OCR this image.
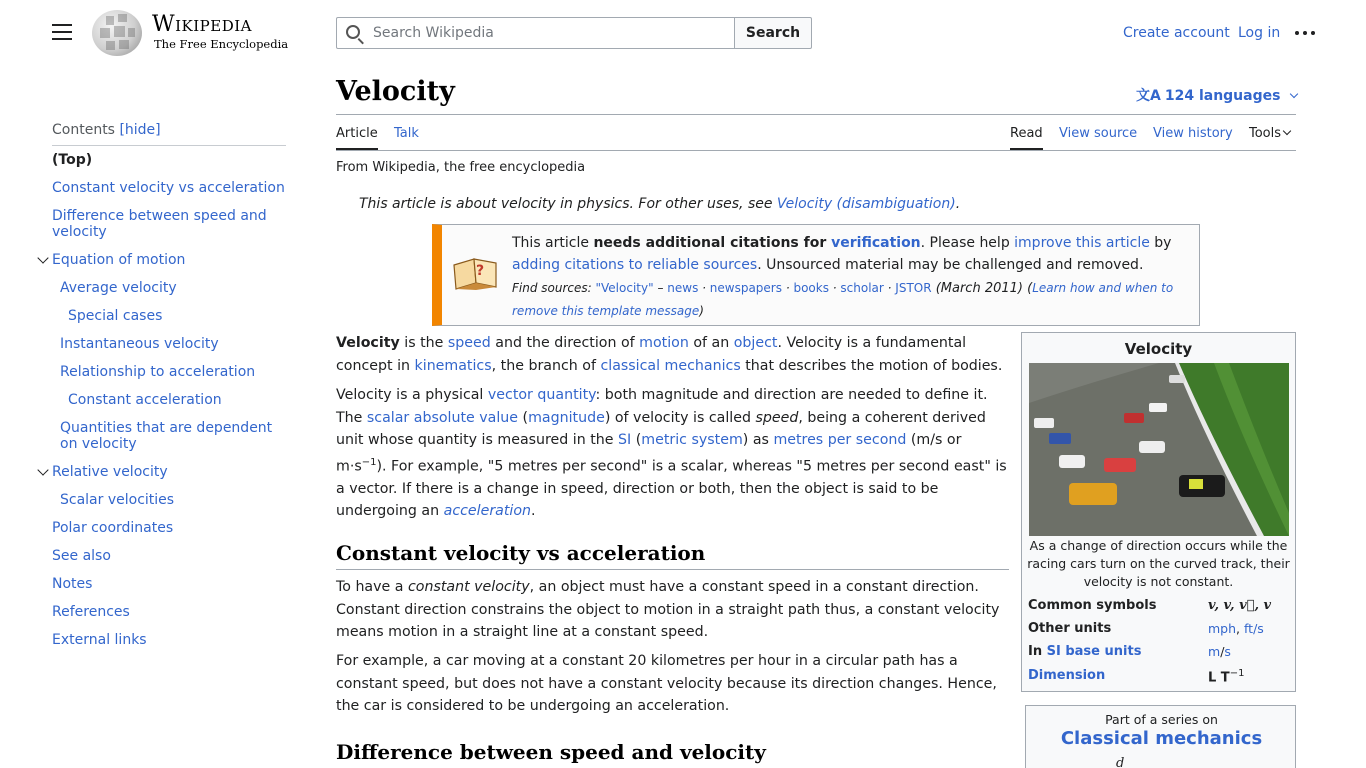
Wikipedia
The Free Encyclopedia
Search Wikipedia
Search	Create account Log in
Contents [hide]
(Top)
Constant velocity vs acceleration
Difference between speed and velocity
Equation of motion
Average velocity
Special cases
Instantaneous velocity
Relationship to acceleration
Constant acceleration
Quantities that are dependent on velocity
Relative velocity
Scalar velocities
Polar coordinates
See also
Notes
References
External links
Velocity	文A 124 languages
Article Talk	Read View source View history Tools
From Wikipedia, the free encyclopedia
This article is about velocity in physics. For other uses, see Velocity (disambiguation).
?
This article needs additional citations for verification. Please help improve this article by
adding citations to reliable sources. Unsourced material may be challenged and removed.
Find sources: "Velocity" – news · newspapers · books · scholar · JSTOR (March 2011) (Learn how and when to remove this template message)
Velocity
As a change of direction occurs while the racing cars turn on the curved track, their velocity is not constant.
Common symbols	v, v, v⃗, 𝒗
Other units	mph, ft/s
In SI base units	m/s
Dimension	L $T^{-1}$
Velocity is the speed and the direction of motion of an object. Velocity is a fundamental concept in kinematics, the branch of classical mechanics that describes the motion of bodies.
Velocity is a physical vector quantity: both magnitude and direction are needed to define it. The scalar absolute value (magnitude) of velocity is called speed, being a coherent derived unit whose quantity is measured in the SI (metric system) as metres per second (m/s or $m\cdot s^{-1}$). For example, "5 metres per second" is a scalar, whereas "5 metres per second east" is a vector. If there is a change in speed, direction or both, then the object is said to be undergoing an acceleration.
Constant velocity vs acceleration
To have a constant velocity, an object must have a constant speed in a constant direction. Constant direction constrains the object to motion in a straight path thus, a constant velocity means motion in a straight line at a constant speed.
For example, a car moving at a constant 20 kilometres per hour in a circular path has a constant speed, but does not have a constant velocity because its direction changes. Hence, the car is considered to be undergoing an acceleration.
Difference between speed and velocity
Part of a series on
Classical mechanics
d
